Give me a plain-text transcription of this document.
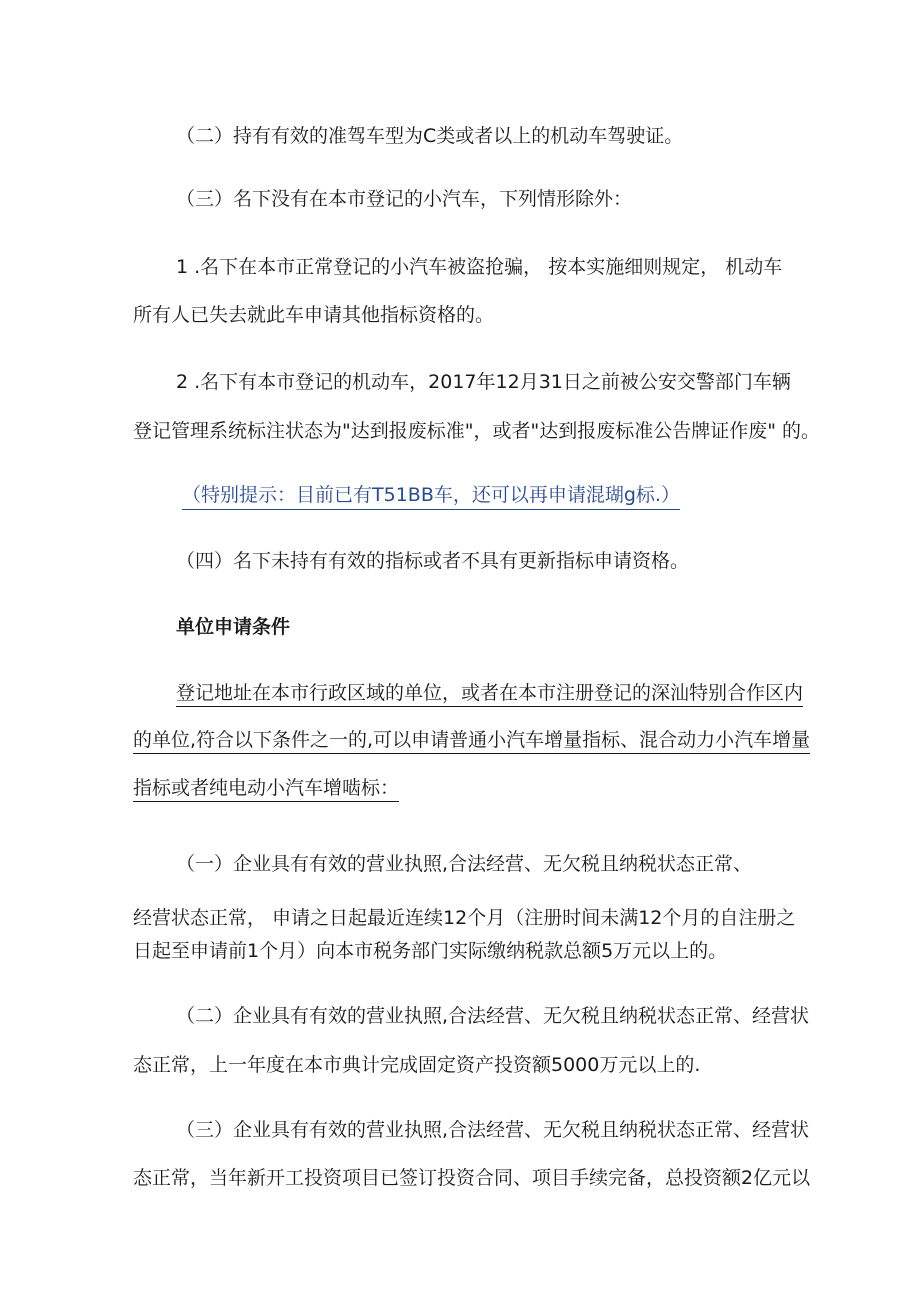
（二）持有有效的准驾车型为C类或者以上的机动车驾驶证。

（三）名下没有在本市登记的小汽车，下列情形除外：

1 .名下在本市正常登记的小汽车被盗抢骗， 按本实施细则规定， 机动车

所有人已失去就此车申请其他指标资格的。

2 .名下有本市登记的机动车，2017年12月31日之前被公安交警部门车辆

登记管理系统标注状态为"达到报废标准"，或者"达到报废标准公告牌证作废" 的。

（特别提示：目前已有T51BB车，还可以再申请混瑚g标.）

（四）名下未持有有效的指标或者不具有更新指标申请资格。

单位申请条件

登记地址在本市行政区域的单位，或者在本市注册登记的深汕特别合作区内

的单位,符合以下条件之一的,可以申请普通小汽车增量指标、混合动力小汽车增量

指标或者纯电动小汽车增啮标：

（一）企业具有有效的营业执照,合法经营、无欠税且纳税状态正常、

经营状态正常， 申请之日起最近连续12个月（注册时间未满12个月的自注册之

日起至申请前1个月）向本市税务部门实际缴纳税款总额5万元以上的。

（二）企业具有有效的营业执照,合法经营、无欠税且纳税状态正常、经营状

态正常，上一年度在本市典计完成固定资产投资额5000万元以上的.

（三）企业具有有效的营业执照,合法经营、无欠税且纳税状态正常、经营状

态正常，当年新开工投资项目已签订投资合同、项目手续完备，总投资额2亿元以
